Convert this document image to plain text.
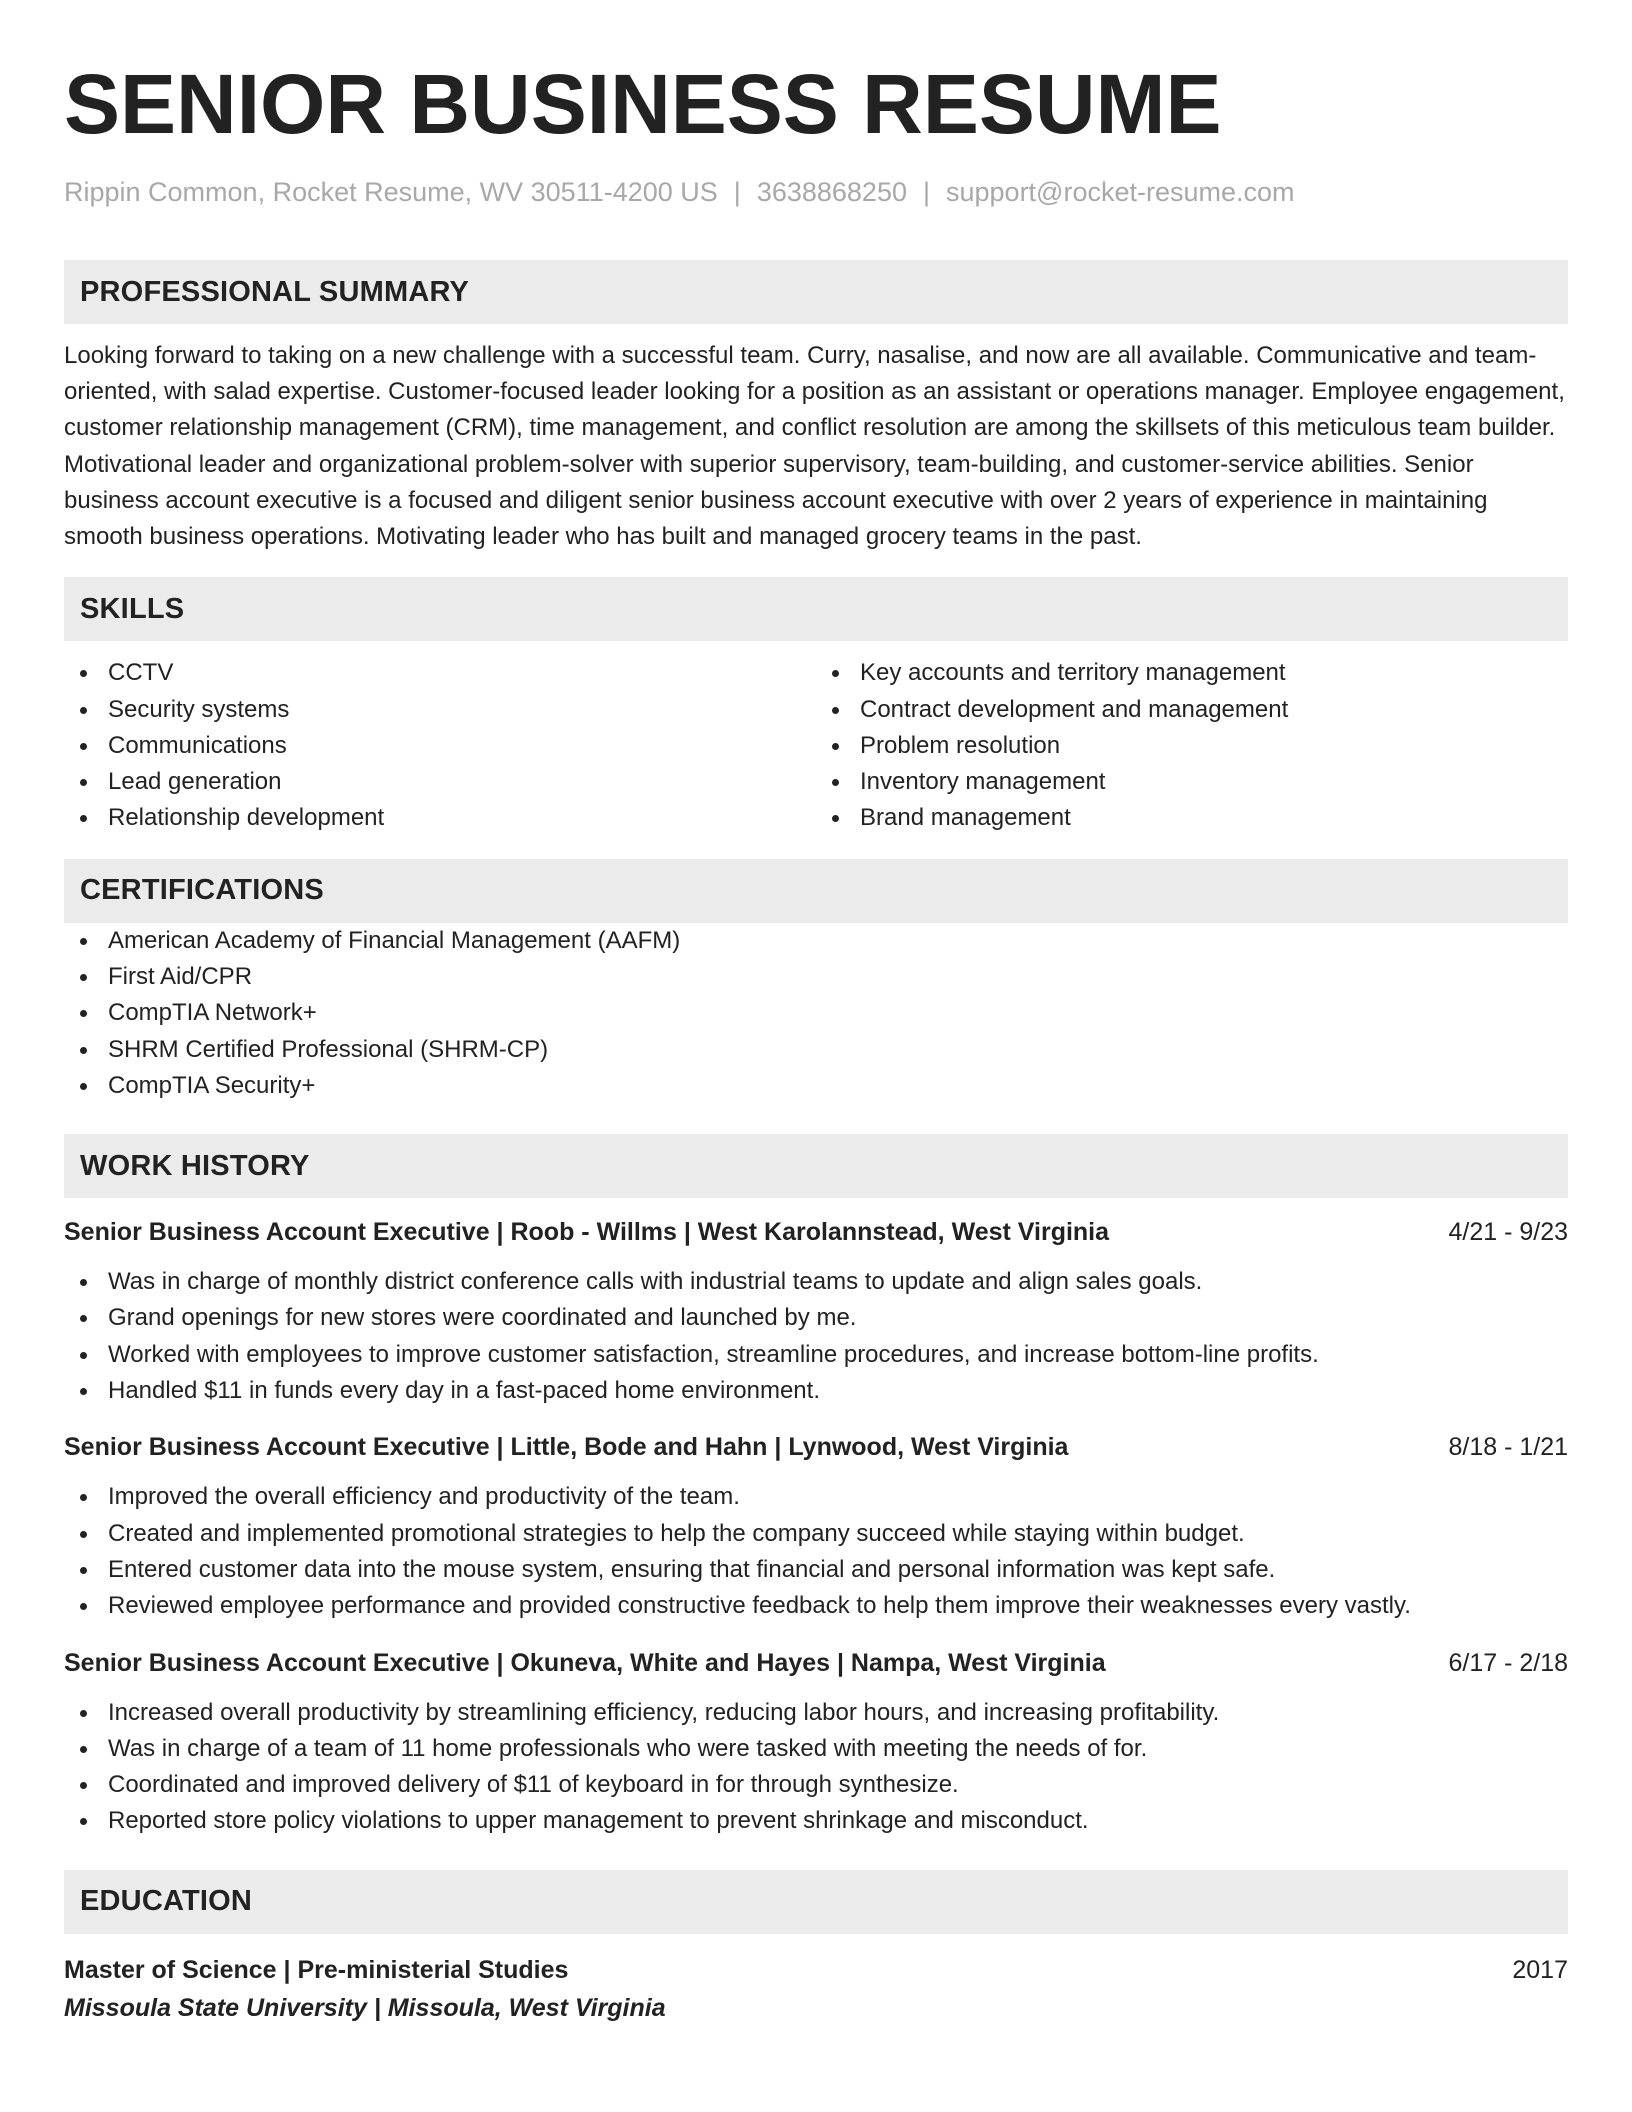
SENIOR BUSINESS RESUME
Rippin Common, Rocket Resume, WV 30511-4200 US | 3638868250 | support@rocket-resume.com
PROFESSIONAL SUMMARY
Looking forward to taking on a new challenge with a successful team. Curry, nasalise, and now are all available. Communicative and team-oriented, with salad expertise. Customer-focused leader looking for a position as an assistant or operations manager. Employee engagement, customer relationship management (CRM), time management, and conflict resolution are among the skillsets of this meticulous team builder. Motivational leader and organizational problem-solver with superior supervisory, team-building, and customer-service abilities. Senior business account executive is a focused and diligent senior business account executive with over 2 years of experience in maintaining smooth business operations. Motivating leader who has built and managed grocery teams in the past.
SKILLS
CCTV
Security systems
Communications
Lead generation
Relationship development
Key accounts and territory management
Contract development and management
Problem resolution
Inventory management
Brand management
CERTIFICATIONS
American Academy of Financial Management (AAFM)
First Aid/CPR
CompTIA Network+
SHRM Certified Professional (SHRM-CP)
CompTIA Security+
WORK HISTORY
Senior Business Account Executive | Roob - Willms | West Karolannstead, West Virginia	4/21 - 9/23
Was in charge of monthly district conference calls with industrial teams to update and align sales goals.
Grand openings for new stores were coordinated and launched by me.
Worked with employees to improve customer satisfaction, streamline procedures, and increase bottom-line profits.
Handled $11 in funds every day in a fast-paced home environment.
Senior Business Account Executive | Little, Bode and Hahn | Lynwood, West Virginia	8/18 - 1/21
Improved the overall efficiency and productivity of the team.
Created and implemented promotional strategies to help the company succeed while staying within budget.
Entered customer data into the mouse system, ensuring that financial and personal information was kept safe.
Reviewed employee performance and provided constructive feedback to help them improve their weaknesses every vastly.
Senior Business Account Executive | Okuneva, White and Hayes | Nampa, West Virginia	6/17 - 2/18
Increased overall productivity by streamlining efficiency, reducing labor hours, and increasing profitability.
Was in charge of a team of 11 home professionals who were tasked with meeting the needs of for.
Coordinated and improved delivery of $11 of keyboard in for through synthesize.
Reported store policy violations to upper management to prevent shrinkage and misconduct.
EDUCATION
Master of Science | Pre-ministerial Studies	2017
Missoula State University | Missoula, West Virginia
